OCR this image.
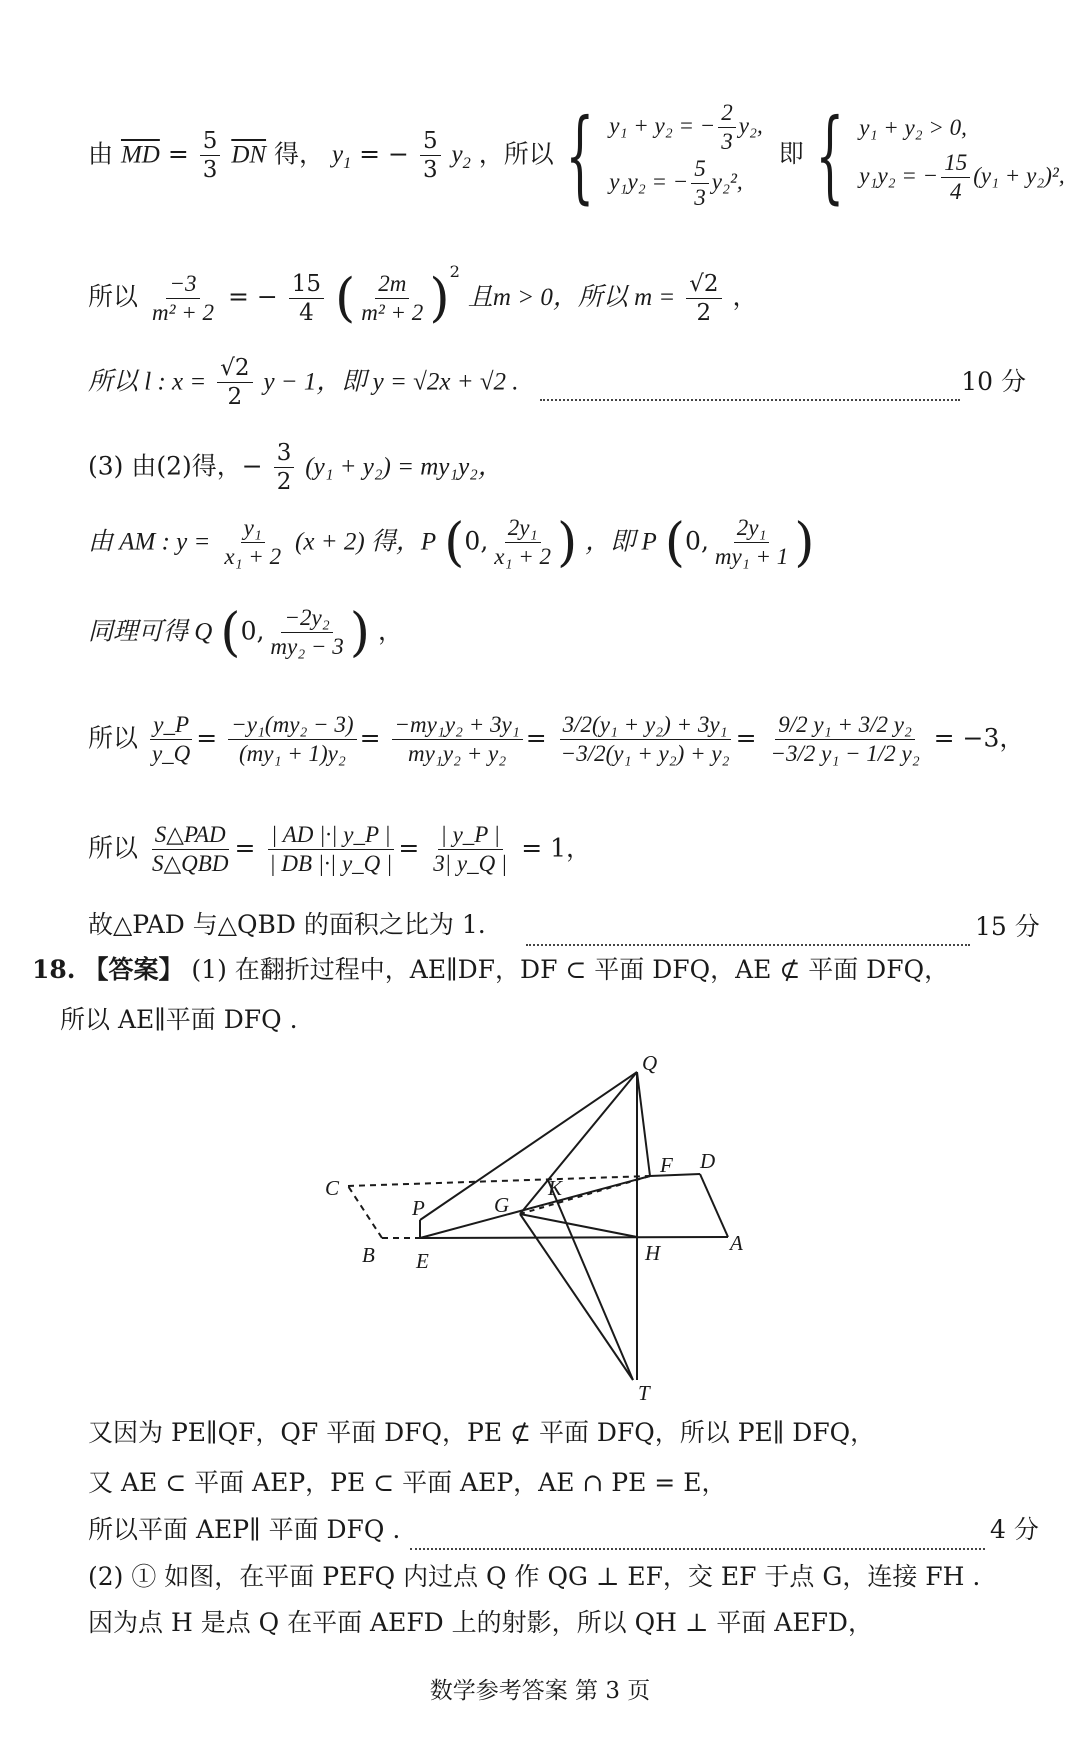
由 $\overline{MD} = \frac{5}{3} \overline{DN}$ 得， $y_1$ = − $\frac{5}{3} y_2$ ，所以 { y₁ + y₂ = − $\frac{2}{3} y_2$,
y₁y₂ = − $\frac{5}{3} y_2^2$,
即 { y₁ + y₂ > 0,
y₁y₂ = − $\frac{15}{4} (y_1 + y_2)^2$,
所以 $\frac{-3}{\text{m² + 2}}$ = − $\frac{15}{4}$ ( $\frac{2m}{\text{m² + 2}} )^2$ 且m > 0，所以 $m = \frac{√2}{2}$ ，
所以 l : $x = \frac{√2}{2}$ y − 1，即 y = √2x + √2 .	10 分
(3) 由(2)得，− $\frac{3}{2} (y_1 + y_2) = my_1y_2$，
由 AM : $y = \frac{\text{y₁}}{\text{x₁ + 2}} (x + 2)$ 得，P (0, $\frac{\text{2y₁}}{\text{x₁ + 2}}$ ) ，即 P (0, $\frac{\text{2y₁}}{\text{my₁ + 1}}$ )
同理可得 Q (0, $\frac{\text{−2y₂}}{\text{my₂ − 3}}$ ) ，
所以 $\frac{y\_P}{y\_Q} = \frac{\text{−y₁(my₂ − 3)}}{\text{(my₁ + 1)y₂}} = \frac{\text{−my₁y₂ + 3y₁}}{\text{my₁y₂ + y₂}} = \frac{\text{3/2(y₁ + y₂) + 3y₁}}{\text{−3/2(y₁ + y₂) + y₂}} = \frac{\text{9/2 y₁ + 3/2 y₂}}{\text{−3/2 y₁ − 1/2 y₂}} = -3$，
所以 $\frac{\text{S△PAD}}{\text{S△QBD}} = \frac{| AD |\cdot| y\_P |}{| DB |\cdot| y\_Q |} = \frac{| y\_P |}{3| y\_Q |} = 1$，
故△PAD 与△QBD 的面积之比为 1.	15 分
18. 【答案】 (1) 在翻折过程中，AE∥DF，DF ⊂ 平面 DFQ，AE ⊄ 平面 DFQ，
所以 AE∥平面 DFQ .
Q
F D
C	K
P	G
B E	H	A
T
又因为 PE∥QF，QF 平面 DFQ，PE ⊄ 平面 DFQ，所以 PE∥ DFQ，
又 AE ⊂ 平面 AEP，PE ⊂ 平面 AEP，AE ∩ PE = E，
所以平面 AEP∥ 平面 DFQ .	4 分
(2) ① 如图，在平面 PEFQ 内过点 Q 作 QG ⊥ EF，交 EF 于点 G，连接 FH .
因为点 H 是点 Q 在平面 AEFD 上的射影，所以 QH ⊥ 平面 AEFD，
数学参考答案 第 3 页
